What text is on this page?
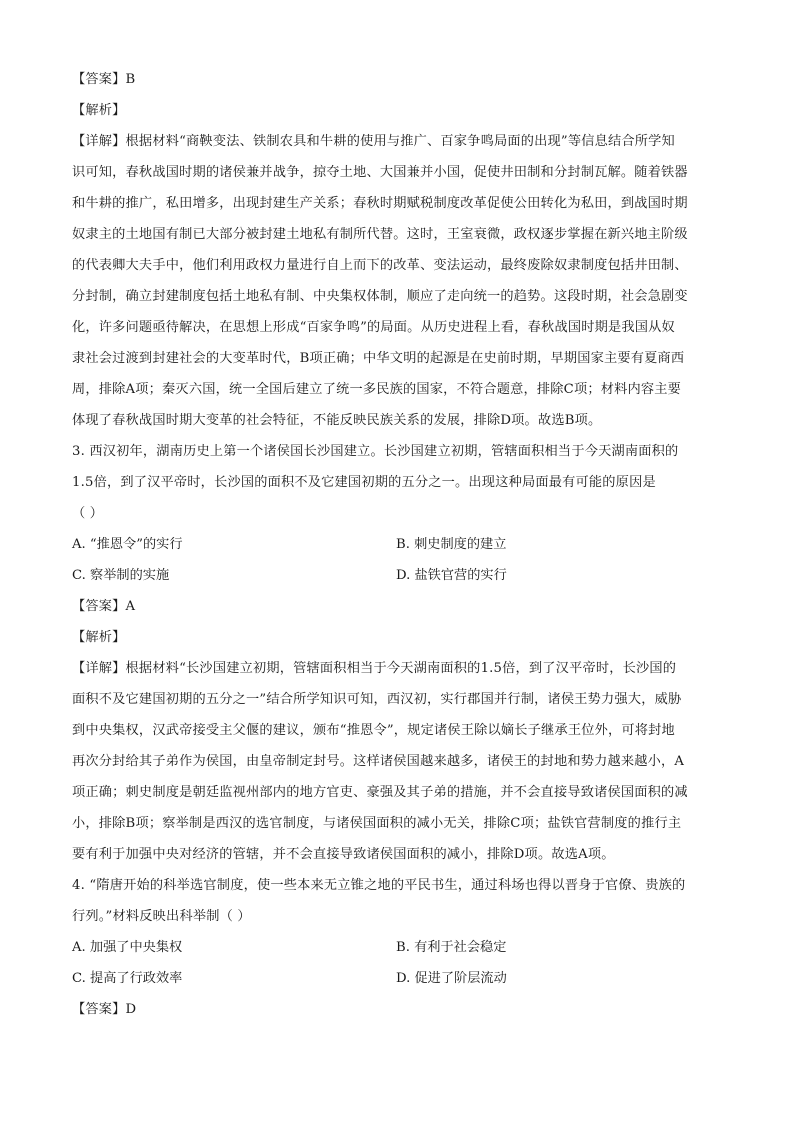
【答案】B
【解析】
【详解】根据材料“商鞅变法、铁制农具和牛耕的使用与推广、百家争鸣局面的出现”等信息结合所学知
识可知，春秋战国时期的诸侯兼并战争，掠夺土地、大国兼并小国，促使井田制和分封制瓦解。随着铁器
和牛耕的推广，私田增多，出现封建生产关系；春秋时期赋税制度改革促使公田转化为私田，到战国时期
奴隶主的土地国有制已大部分被封建土地私有制所代替。这时，王室衰微，政权逐步掌握在新兴地主阶级
的代表卿大夫手中，他们利用政权力量进行自上而下的改革、变法运动，最终废除奴隶制度包括井田制、
分封制，确立封建制度包括土地私有制、中央集权体制，顺应了走向统一的趋势。这段时期，社会急剧变
化，许多问题亟待解决，在思想上形成“百家争鸣”的局面。从历史进程上看，春秋战国时期是我国从奴
隶社会过渡到封建社会的大变革时代，B项正确；中华文明的起源是在史前时期，早期国家主要有夏商西
周，排除A项；秦灭六国，统一全国后建立了统一多民族的国家，不符合题意，排除C项；材料内容主要
体现了春秋战国时期大变革的社会特征，不能反映民族关系的发展，排除D项。故选B项。
3. 西汉初年，湖南历史上第一个诸侯国长沙国建立。长沙国建立初期，管辖面积相当于今天湖南面积的
1.5倍，到了汉平帝时，长沙国的面积不及它建国初期的五分之一。出现这种局面最有可能的原因是
（ ）
A. “推恩令”的实行	B. 刺史制度的建立
C. 察举制的实施	D. 盐铁官营的实行
【答案】A
【解析】
【详解】根据材料“长沙国建立初期，管辖面积相当于今天湖南面积的1.5倍，到了汉平帝时，长沙国的
面积不及它建国初期的五分之一”结合所学知识可知，西汉初，实行郡国并行制，诸侯王势力强大，威胁
到中央集权，汉武帝接受主父偃的建议，颁布“推恩令”，规定诸侯王除以嫡长子继承王位外，可将封地
再次分封给其子弟作为侯国，由皇帝制定封号。这样诸侯国越来越多，诸侯王的封地和势力越来越小，A
项正确；刺史制度是朝廷监视州部内的地方官吏、豪强及其子弟的措施，并不会直接导致诸侯国面积的减
小，排除B项；察举制是西汉的选官制度，与诸侯国面积的减小无关，排除C项；盐铁官营制度的推行主
要有利于加强中央对经济的管辖，并不会直接导致诸侯国面积的减小，排除D项。故选A项。
4. “隋唐开始的科举选官制度，使一些本来无立锥之地的平民书生，通过科场也得以晋身于官僚、贵族的
行列。”材料反映出科举制（ ）
A. 加强了中央集权	B. 有利于社会稳定
C. 提高了行政效率	D. 促进了阶层流动
【答案】D
